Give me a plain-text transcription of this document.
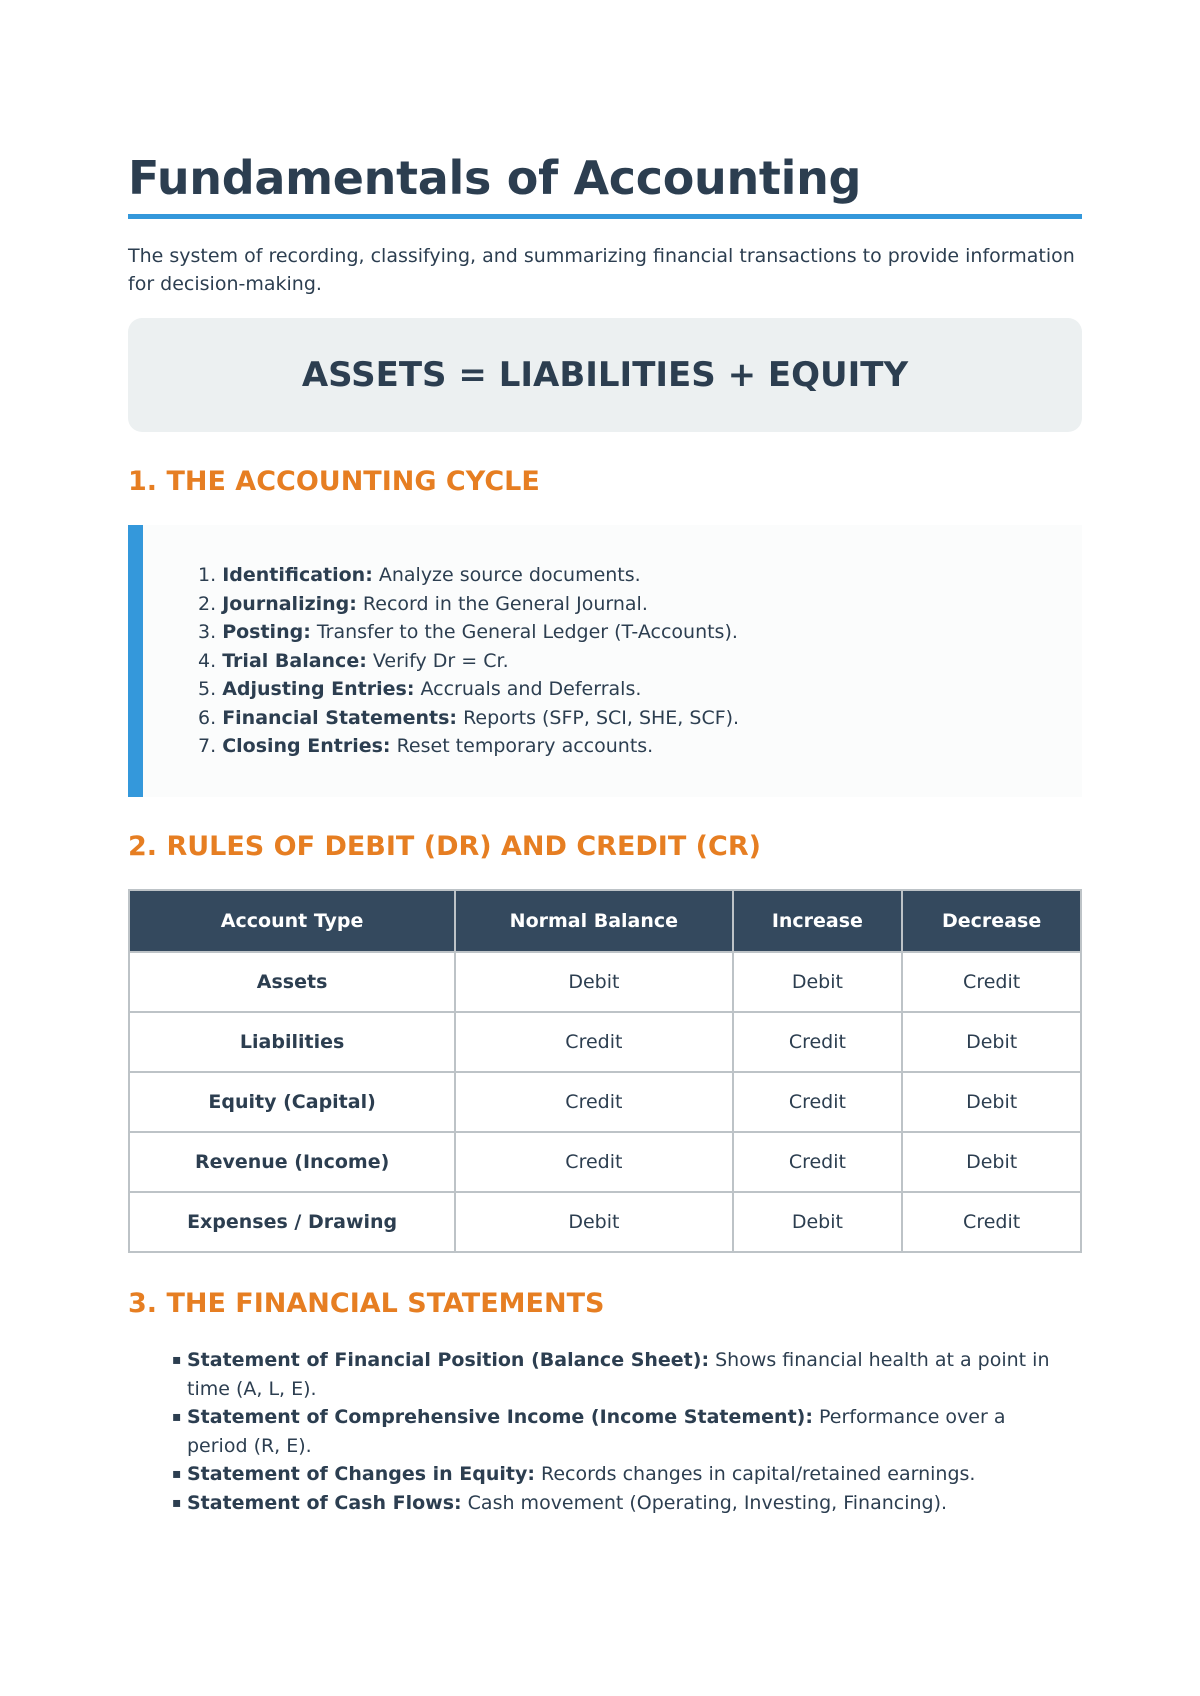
Fundamentals of Accounting

The system of recording, classifying, and summarizing financial transactions to provide information for decision-making.

ASSETS = LIABILITIES + EQUITY
1. THE ACCOUNTING CYCLE
1. Identification: Analyze source documents.
2. Journalizing: Record in the General Journal.
3. Posting: Transfer to the General Ledger (T-Accounts).
4. Trial Balance: Verify Dr = Cr.
5. Adjusting Entries: Accruals and Deferrals.
6. Financial Statements: Reports (SFP, SCI, SHE, SCF).
7. Closing Entries: Reset temporary accounts.
2. RULES OF DEBIT (DR) AND CREDIT (CR)
Account Type	Normal Balance	Increase	Decrease
Assets	Debit	Debit	Credit
Liabilities	Credit	Credit	Debit
Equity (Capital)	Credit	Credit	Debit
Revenue (Income)	Credit	Credit	Debit
Expenses / Drawing	Debit	Debit	Credit
3. THE FINANCIAL STATEMENTS
▪ Statement of Financial Position (Balance Sheet): Shows financial health at a point in time (A, L, E).
▪ Statement of Comprehensive Income (Income Statement): Performance over a period (R, E).
▪ Statement of Changes in Equity: Records changes in capital/retained earnings.
▪ Statement of Cash Flows: Cash movement (Operating, Investing, Financing).
